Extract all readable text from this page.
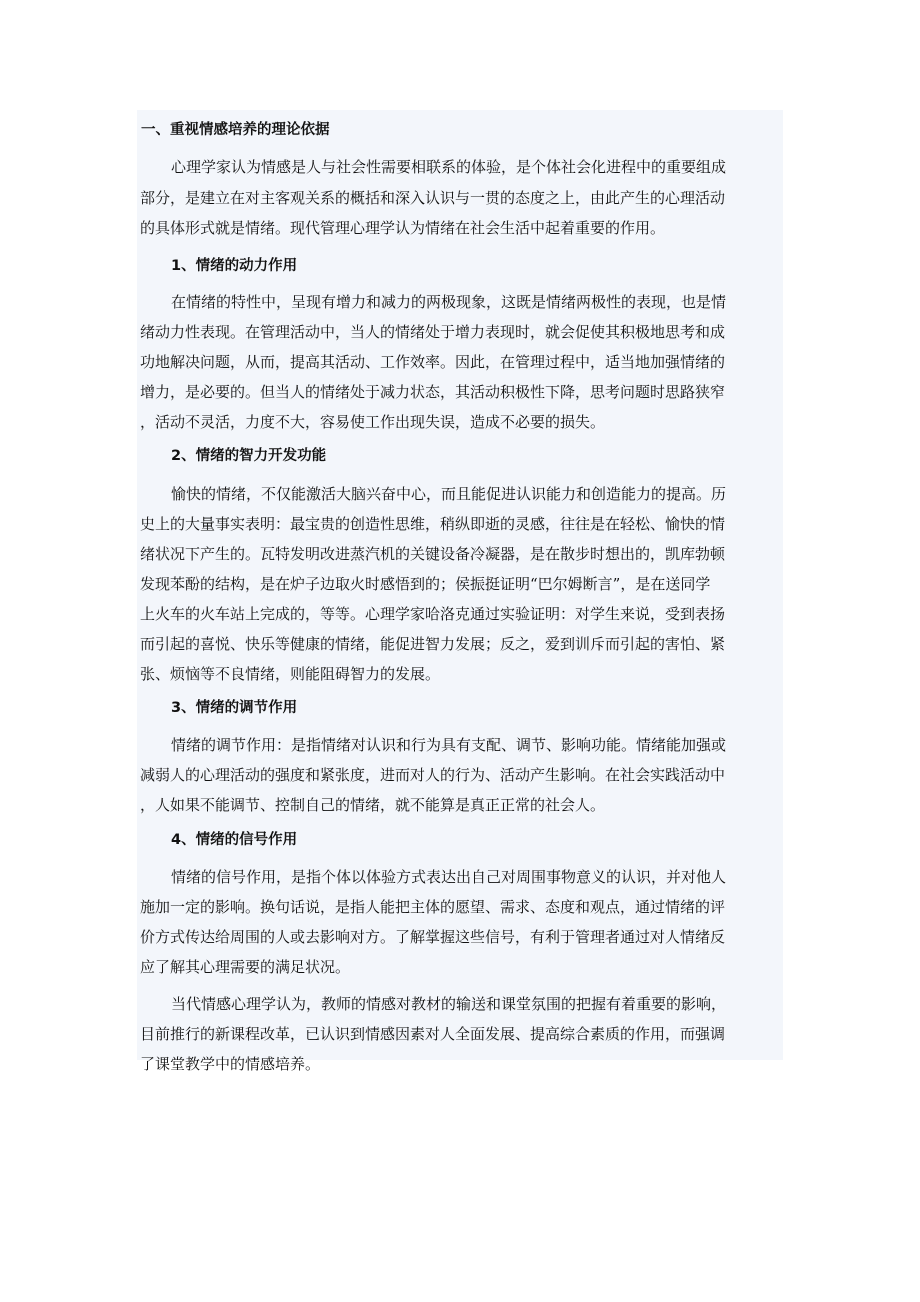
一、重视情感培养的理论依据
心理学家认为情感是人与社会性需要相联系的体验，是个体社会化进程中的重要组成
部分，是建立在对主客观关系的概括和深入认识与一贯的态度之上，由此产生的心理活动
的具体形式就是情绪。现代管理心理学认为情绪在社会生活中起着重要的作用。
1、情绪的动力作用
在情绪的特性中，呈现有增力和减力的两极现象，这既是情绪两极性的表现，也是情
绪动力性表现。在管理活动中，当人的情绪处于增力表现时，就会促使其积极地思考和成
功地解决问题，从而，提高其活动、工作效率。因此，在管理过程中，适当地加强情绪的
增力，是必要的。但当人的情绪处于减力状态，其活动积极性下降，思考问题时思路狭窄
，活动不灵活，力度不大，容易使工作出现失误，造成不必要的损失。
2、情绪的智力开发功能
愉快的情绪，不仅能激活大脑兴奋中心，而且能促进认识能力和创造能力的提高。历
史上的大量事实表明：最宝贵的创造性思维，稍纵即逝的灵感，往往是在轻松、愉快的情
绪状况下产生的。瓦特发明改进蒸汽机的关键设备冷凝器，是在散步时想出的，凯库勃顿
发现苯酚的结构，是在炉子边取火时感悟到的；侯振挺证明“巴尔姆断言”，是在送同学
上火车的火车站上完成的，等等。心理学家哈洛克通过实验证明：对学生来说，受到表扬
而引起的喜悦、快乐等健康的情绪，能促进智力发展；反之，爱到训斥而引起的害怕、紧
张、烦恼等不良情绪，则能阻碍智力的发展。
3、情绪的调节作用
情绪的调节作用：是指情绪对认识和行为具有支配、调节、影响功能。情绪能加强或
减弱人的心理活动的强度和紧张度，进而对人的行为、活动产生影响。在社会实践活动中
，人如果不能调节、控制自己的情绪，就不能算是真正正常的社会人。
4、情绪的信号作用
情绪的信号作用，是指个体以体验方式表达出自己对周围事物意义的认识，并对他人
施加一定的影响。换句话说，是指人能把主体的愿望、需求、态度和观点，通过情绪的评
价方式传达给周围的人或去影响对方。了解掌握这些信号，有利于管理者通过对人情绪反
应了解其心理需要的满足状况。
当代情感心理学认为，教师的情感对教材的输送和课堂氛围的把握有着重要的影响，
目前推行的新课程改革，已认识到情感因素对人全面发展、提高综合素质的作用，而强调
了课堂教学中的情感培养。
